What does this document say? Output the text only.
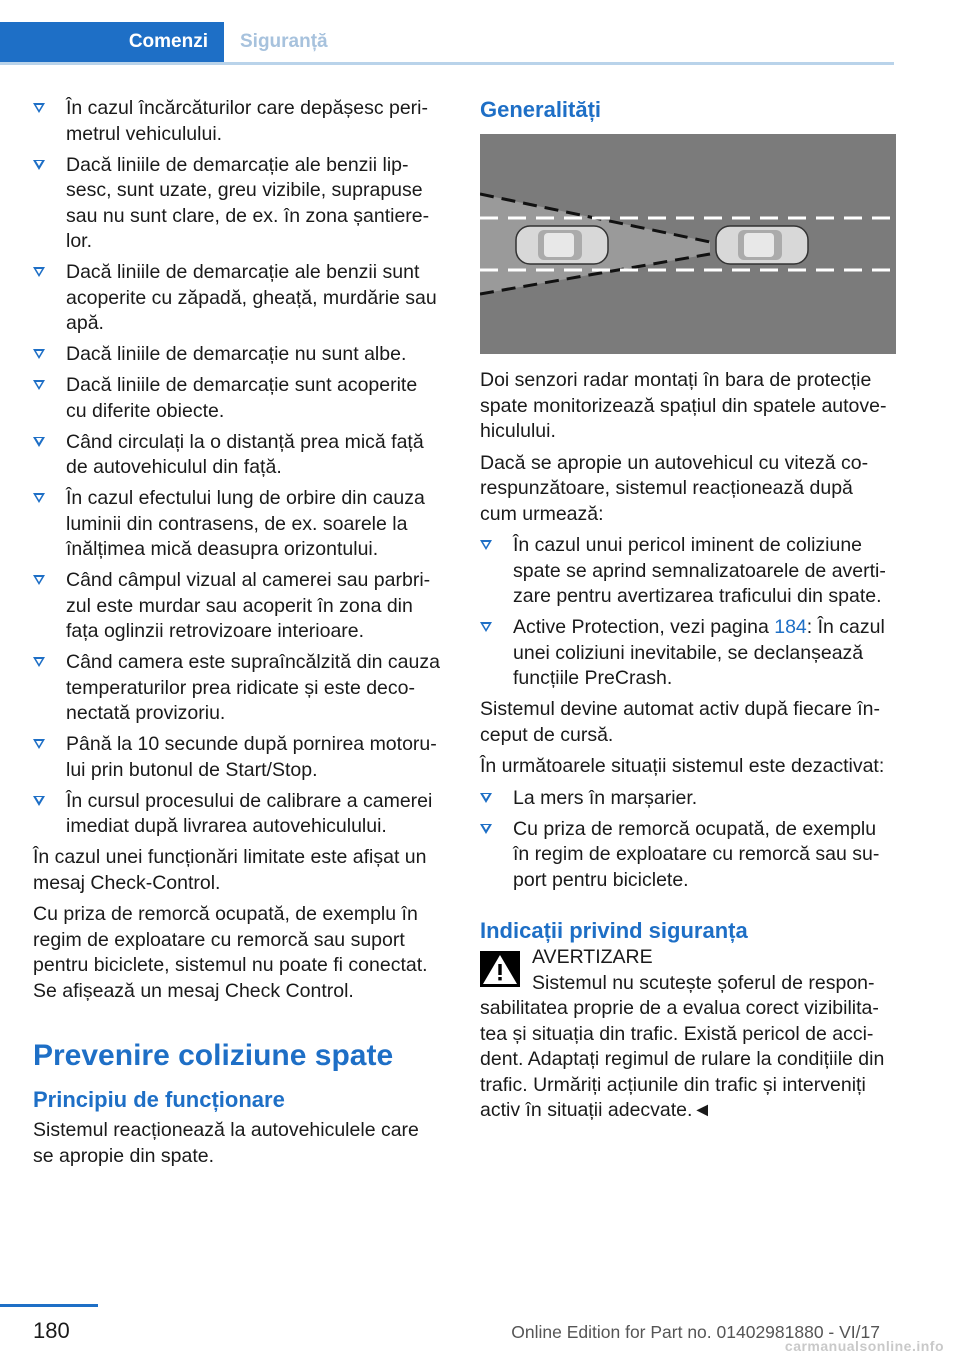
Comenzi	Siguranță
În cazul încărcăturilor care depășesc peri-
metrul vehiculului.
Dacă liniile de demarcație ale benzii lip-
sesc, sunt uzate, greu vizibile, suprapuse
sau nu sunt clare, de ex. în zona șantiere-
lor.
Dacă liniile de demarcație ale benzii sunt
acoperite cu zăpadă, gheață, murdărie sau
apă.
Dacă liniile de demarcație nu sunt albe.
Dacă liniile de demarcație sunt acoperite
cu diferite obiecte.
Când circulați la o distanță prea mică față
de autovehiculul din față.
În cazul efectului lung de orbire din cauza
luminii din contrasens, de ex. soarele la
înălțimea mică deasupra orizontului.
Când câmpul vizual al camerei sau parbri-
zul este murdar sau acoperit în zona din
fața oglinzii retrovizoare interioare.
Când camera este supraîncălzită din cauza
temperaturilor prea ridicate și este deco-
nectată provizoriu.
Până la 10 secunde după pornirea motoru-
lui prin butonul de Start/Stop.
În cursul procesului de calibrare a camerei
imediat după livrarea autovehiculului.

În cazul unei funcționări limitate este afișat un
mesaj Check-Control.

Cu priza de remorcă ocupată, de exemplu în
regim de exploatare cu remorcă sau suport
pentru biciclete, sistemul nu poate fi conectat.
Se afișează un mesaj Check Control.

Prevenire coliziune spate
Principiu de funcționare

Sistemul reacționează la autovehiculele care
se apropie din spate.

Generalități

Doi senzori radar montați în bara de protecție
spate monitorizează spațiul din spatele autove-
hiculului.

Dacă se apropie un autovehicul cu viteză co-
respunzătoare, sistemul reacționează după
cum urmează:

În cazul unui pericol iminent de coliziune
spate se aprind semnalizatoarele de averti-
zare pentru avertizarea traficului din spate.
Active Protection, vezi pagina 184: În cazul
unei coliziuni inevitabile, se declanșează
funcțiile PreCrash.

Sistemul devine automat activ după fiecare în-
ceput de cursă.

În următoarele situații sistemul este dezactivat:

La mers în marșarier.
Cu priza de remorcă ocupată, de exemplu
în regim de exploatare cu remorcă sau su-
port pentru biciclete.
Indicații privind siguranța
AVERTIZARE
Sistemul nu scutește șoferul de respon-
sabilitatea proprie de a evalua corect vizibilita-
tea și situația din trafic. Există pericol de acci-
dent. Adaptați regimul de rulare la condițiile din
trafic. Urmăriți acțiunile din trafic și interveniți
activ în situații adecvate.◄
180	Online Edition for Part no. 01402981880 - VI/17
carmanualsonline.info
